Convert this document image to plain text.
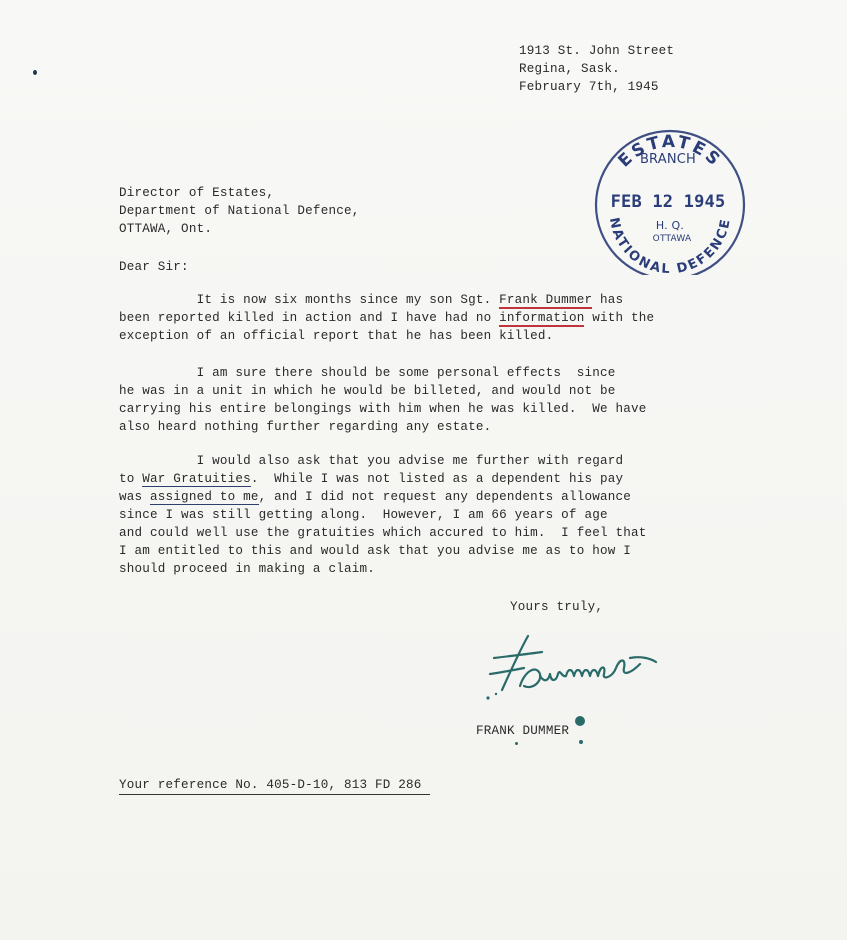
1913 St. John Street
Regina, Sask.
February 7th, 1945
ESTATES
BRANCH
FEB 12 1945
H. Q.
OTTAWA
NATIONAL DEFENCE
Director of Estates,
Department of National Defence,
OTTAWA, Ont.
Dear Sir:
It is now six months since my son Sgt. Frank Dummer has
been reported killed in action and I have had no information with the
exception of an official report that he has been killed.
I am sure there should be some personal effects  since
he was in a unit in which he would be billeted, and would not be
carrying his entire belongings with him when he was killed.  We have
also heard nothing further regarding any estate.
I would also ask that you advise me further with regard
to War Gratuities.  While I was not listed as a dependent his pay
was assigned to me, and I did not request any dependents allowance
since I was still getting along.  However, I am 66 years of age
and could well use the gratuities which accured to him.  I feel that
I am entitled to this and would ask that you advise me as to how I
should proceed in making a claim.
Yours truly,
FRANK DUMMER
Your reference No. 405-D-10, 813 FD 286
